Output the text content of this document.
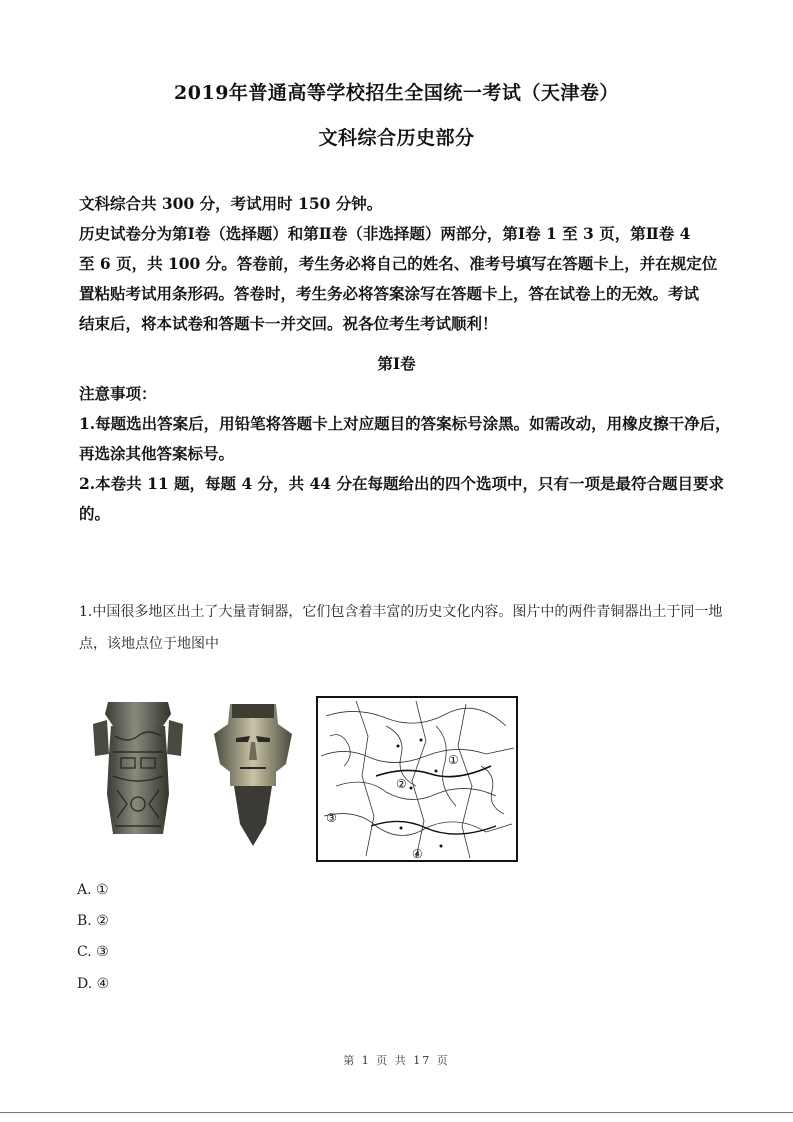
2019年普通高等学校招生全国统一考试（天津卷）
文科综合历史部分
文科综合共 300 分，考试用时 150 分钟。
历史试卷分为第Ⅰ卷（选择题）和第Ⅱ卷（非选择题）两部分，第Ⅰ卷 1 至 3 页，第Ⅱ卷 4
至 6 页，共 100 分。答卷前，考生务必将自己的姓名、准考号填写在答题卡上，并在规定位
置粘贴考试用条形码。答卷时，考生务必将答案涂写在答题卡上，答在试卷上的无效。考试
结束后，将本试卷和答题卡一并交回。祝各位考生考试顺利！
第Ⅰ卷
注意事项：
1.每题选出答案后，用铅笔将答题卡上对应题目的答案标号涂黑。如需改动，用橡皮擦干净后，
再选涂其他答案标号。
2.本卷共 11 题，每题 4 分，共 44 分在每题给出的四个选项中，只有一项是最符合题目要求
的。
1.中国很多地区出土了大量青铜器，它们包含着丰富的历史文化内容。图片中的两件青铜器出土于同一地
点，该地点位于地图中
①
②
③
④
A. ①
B. ②
C. ③
D. ④
第 1 页 共 17 页
